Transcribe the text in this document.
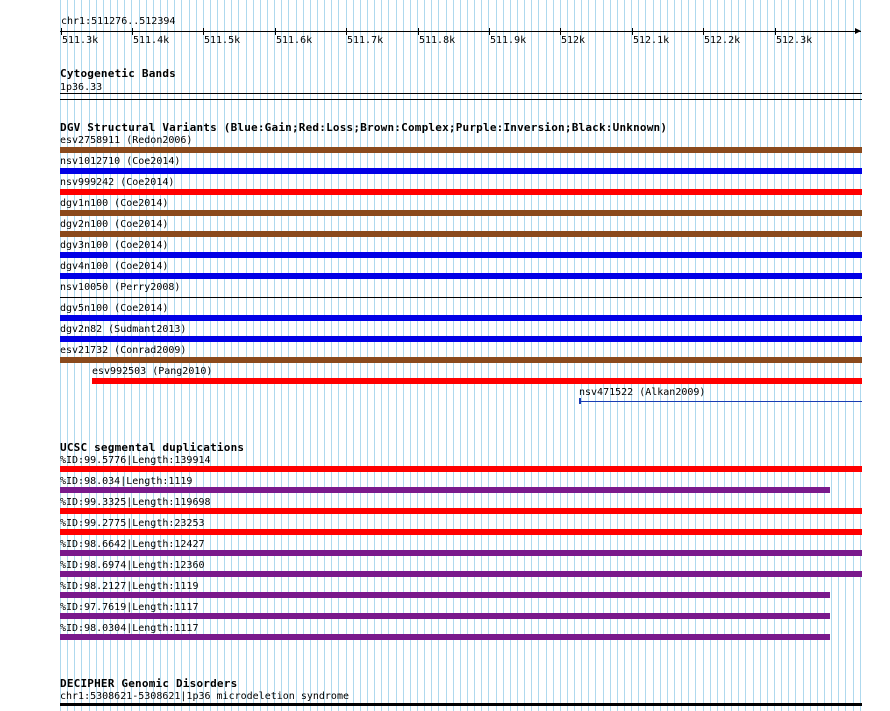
chr1:511276..512394
511.3k	511.4k	511.5k	511.6k	511.7k	511.8k	511.9k	512k	512.1k	512.2k	512.3k
Cytogenetic Bands
1p36.33
DGV Structural Variants (Blue:Gain;Red:Loss;Brown:Complex;Purple:Inversion;Black:Unknown)
esv2758911 (Redon2006)
nsv1012710 (Coe2014)
nsv999242 (Coe2014)
dgv1n100 (Coe2014)
dgv2n100 (Coe2014)
dgv3n100 (Coe2014)
dgv4n100 (Coe2014)
nsv10050 (Perry2008)
dgv5n100 (Coe2014)
dgv2n82 (Sudmant2013)
esv21732 (Conrad2009)
esv992503 (Pang2010)
nsv471522 (Alkan2009)
UCSC segmental duplications
%ID:99.5776|Length:139914
%ID:98.034|Length:1119
%ID:99.3325|Length:119698
%ID:99.2775|Length:23253
%ID:98.6642|Length:12427
%ID:98.6974|Length:12360
%ID:98.2127|Length:1119
%ID:97.7619|Length:1117
%ID:98.0304|Length:1117
DECIPHER Genomic Disorders
chr1:5308621-5308621|1p36 microdeletion syndrome
